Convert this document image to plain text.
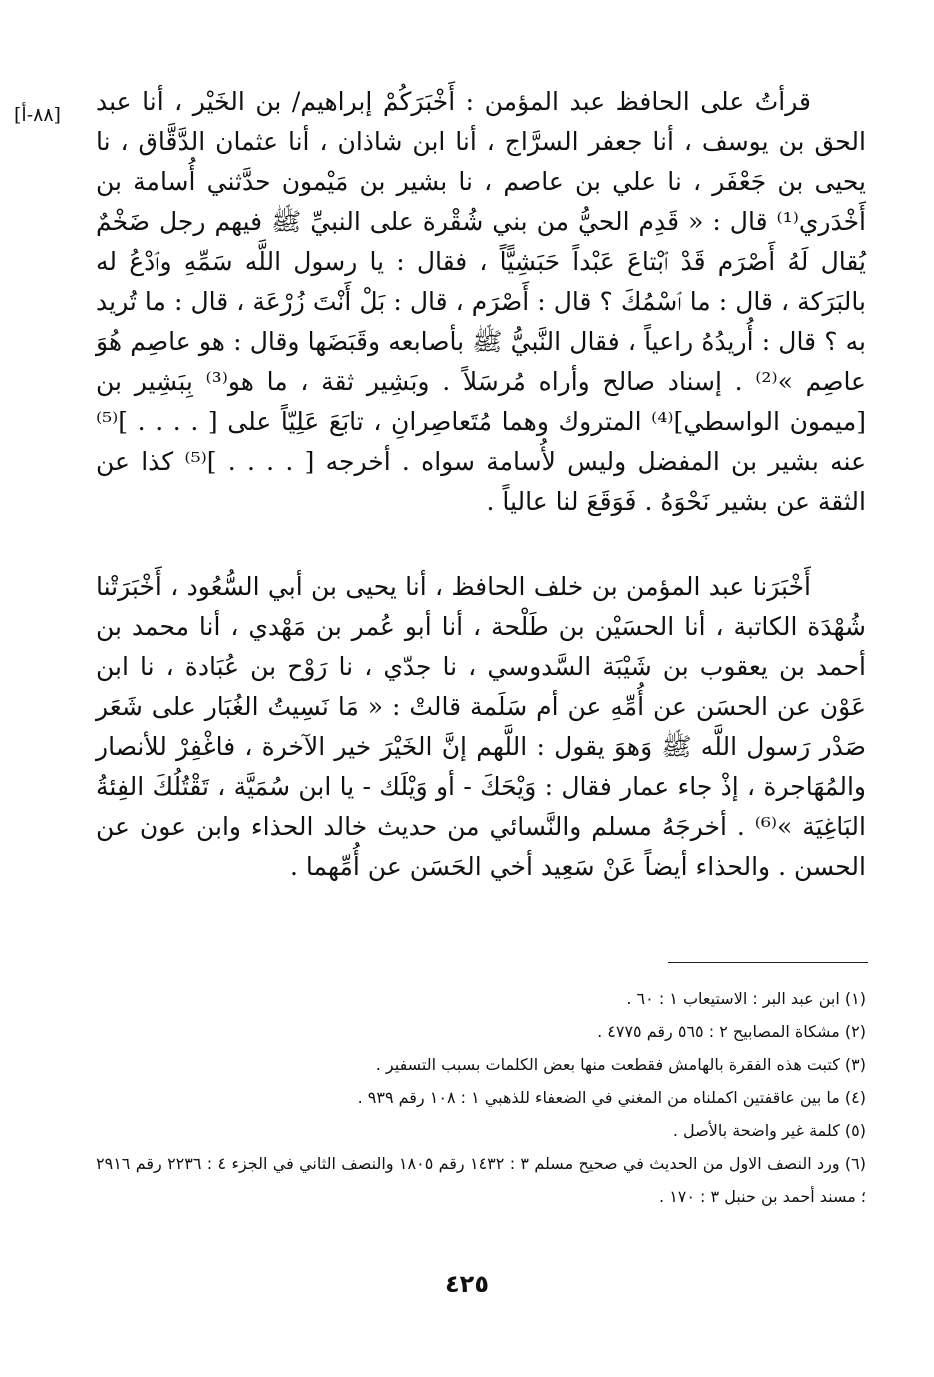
[٨٨-أ] قرأتُ على الحافظ عبد المؤمن : أَخْبَرَكُمْ إبراهيم/ بن الخَيْر ، أنا عبد الحق بن يوسف ، أنا جعفر السرَّاج ، أنا ابن شاذان ، أنا عثمان الدَّقَّاق ، نا يحيى بن جَعْفَر ، نا علي بن عاصم ، نا بشير بن مَيْمون حدَّثني أُسامة بن أَخْدَري⁽¹⁾ قال : « قَدِم الحيُّ من بني شُقْرة على النبيِّ ﷺ فيهم رجل ضَخْمٌ يُقال لَهُ أَصْرَم قَدْ ٱبْتاعَ عَبْداً حَبَشِيًّاً ، فقال : يا رسول اللَّه سَمِّهِ وٱدْعُ له بالبَرَكة ، قال : ما ٱسْمُكَ ؟ قال : أَصْرَم ، قال : بَلْ أَنْتَ زُرْعَة ، قال : ما تُريد به ؟ قال : أُريدُهُ راعياً ، فقال النَّبيُّ ﷺ بأصابعه وقَبَضَها وقال : هو عاصِم هُوَ عاصِم »⁽²⁾ . إسناد صالح وأراه مُرسَلاً . وبَشِير ثقة ، ما هو⁽³⁾ بِبَشِير بن [ميمون الواسطي]⁽⁴⁾ المتروك وهما مُتَعاصِرانِ ، تابَعَ عَلِيّاً على [ . . . . ]⁽⁵⁾ عنه بشير بن المفضل وليس لأُسامة سواه . أخرجه [ . . . . ]⁽⁵⁾ كذا عن الثقة عن بشير نَحْوَهُ . فَوَقَعَ لنا عالياً .

أَخْبَرَنا عبد المؤمن بن خلف الحافظ ، أنا يحيى بن أبي السُّعُود ، أَخْبَرَتْنا شُهْدَة الكاتبة ، أنا الحسَيْن بن طَلْحة ، أنا أبو عُمر بن مَهْدي ، أنا محمد بن أحمد بن يعقوب بن شَيْبَة السَّدوسي ، نا جدّي ، نا رَوْح بن عُبَادة ، نا ابن عَوْن عن الحسَن عن أُمِّهِ عن أم سَلَمة قالتْ : « مَا نَسِيتُ الغُبَار على شَعَر صَدْر رَسول اللَّه ﷺ وَهوَ يقول : اللَّهم إنَّ الخَيْرَ خير الآخرة ، فاغْفِرْ للأنصار والمُهَاجرة ، إذْ جاء عمار فقال : وَيْحَكَ - أو وَيْلَك - يا ابن سُمَيَّة ، تَقْتُلُكَ الفِئةُ البَاغِيَة »⁽⁶⁾ . أخرجَهُ مسلم والنَّسائي من حديث خالد الحذاء وابن عون عن الحسن . والحذاء أيضاً عَنْ سَعِيد أخي الحَسَن عن أُمِّهما .

(١) ابن عبد البر : الاستيعاب ١ : ٦٠ .
(٢) مشكاة المصابيح ٢ : ٥٦٥ رقم ٤٧٧٥ .
(٣) كتبت هذه الفقرة بالهامش فقطعت منها بعض الكلمات بسبب التسفير .
(٤) ما بين عاقفتين اكملناه من المغني في الضعفاء للذهبي ١ : ١٠٨ رقم ٩٣٩ .
(٥) كلمة غير واضحة بالأصل .
(٦) ورد النصف الاول من الحديث في صحيح مسلم ٣ : ١٤٣٢ رقم ١٨٠٥ والنصف الثاني في الجزء ٤ : ٢٢٣٦ رقم ٢٩١٦ ؛ مسند أحمد بن حنبل ٣ : ١٧٠ .
٤٢٥
